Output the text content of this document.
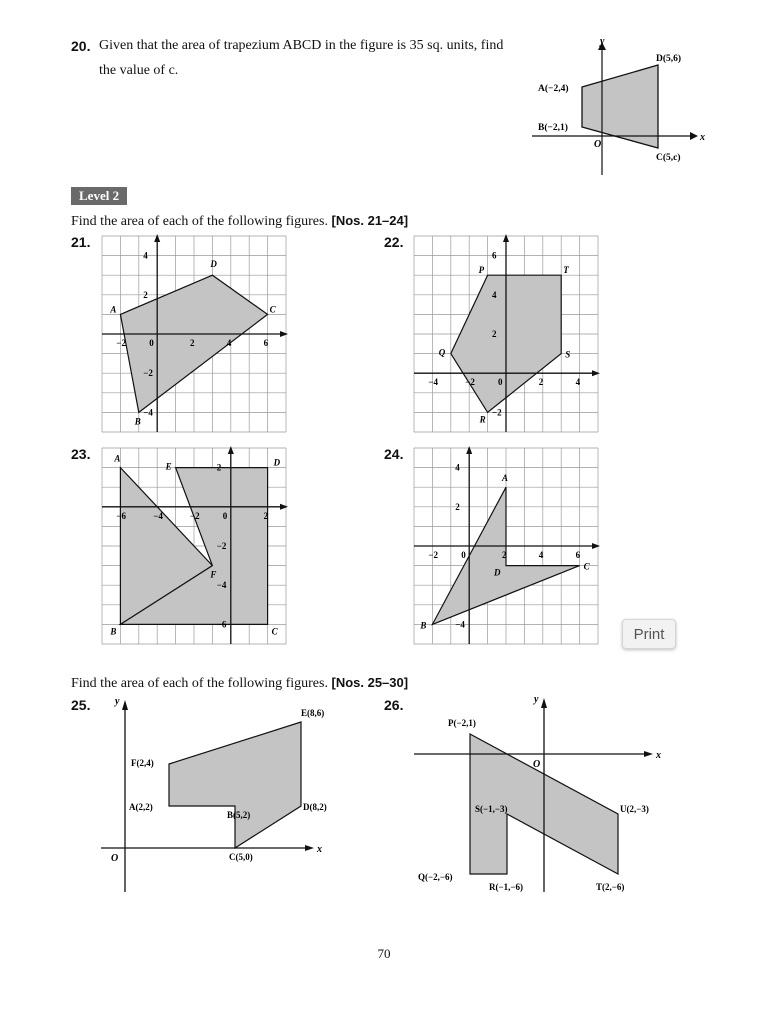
20. Given that the area of trapezium ABCD in the figure is 35 sq. units, find
the value of c.
x
y
O
A(−2,4)
B(−2,1)
D(5,6)
C(5,c)
Level 2
Find the area of each of the following figures. [Nos. 21–24]
21.
−2	0	2	4	6
4
2
−2
−4
A
D
C
B
22.
−4	−2	0	2	4
6
4
2
−2
P	T
S
R
Q
23.
−6	−4	−2	0	2
2
−2
−4
−6
A
E	D
F
B	C
24.
−2	0	2	4	6
4
2
−4
A
D
C
B
Print
Find the area of each of the following figures. [Nos. 25–30]
25.
x
y
O
F(2,4)
E(8,6)
D(8,2)
C(5,0)
B(5,2)
A(2,2)
26.
x
y
O
P(−2,1)
U(2,−3)
T(2,−6)
S(−1,−3)
R(−1,−6)
Q(−2,−6)
70
